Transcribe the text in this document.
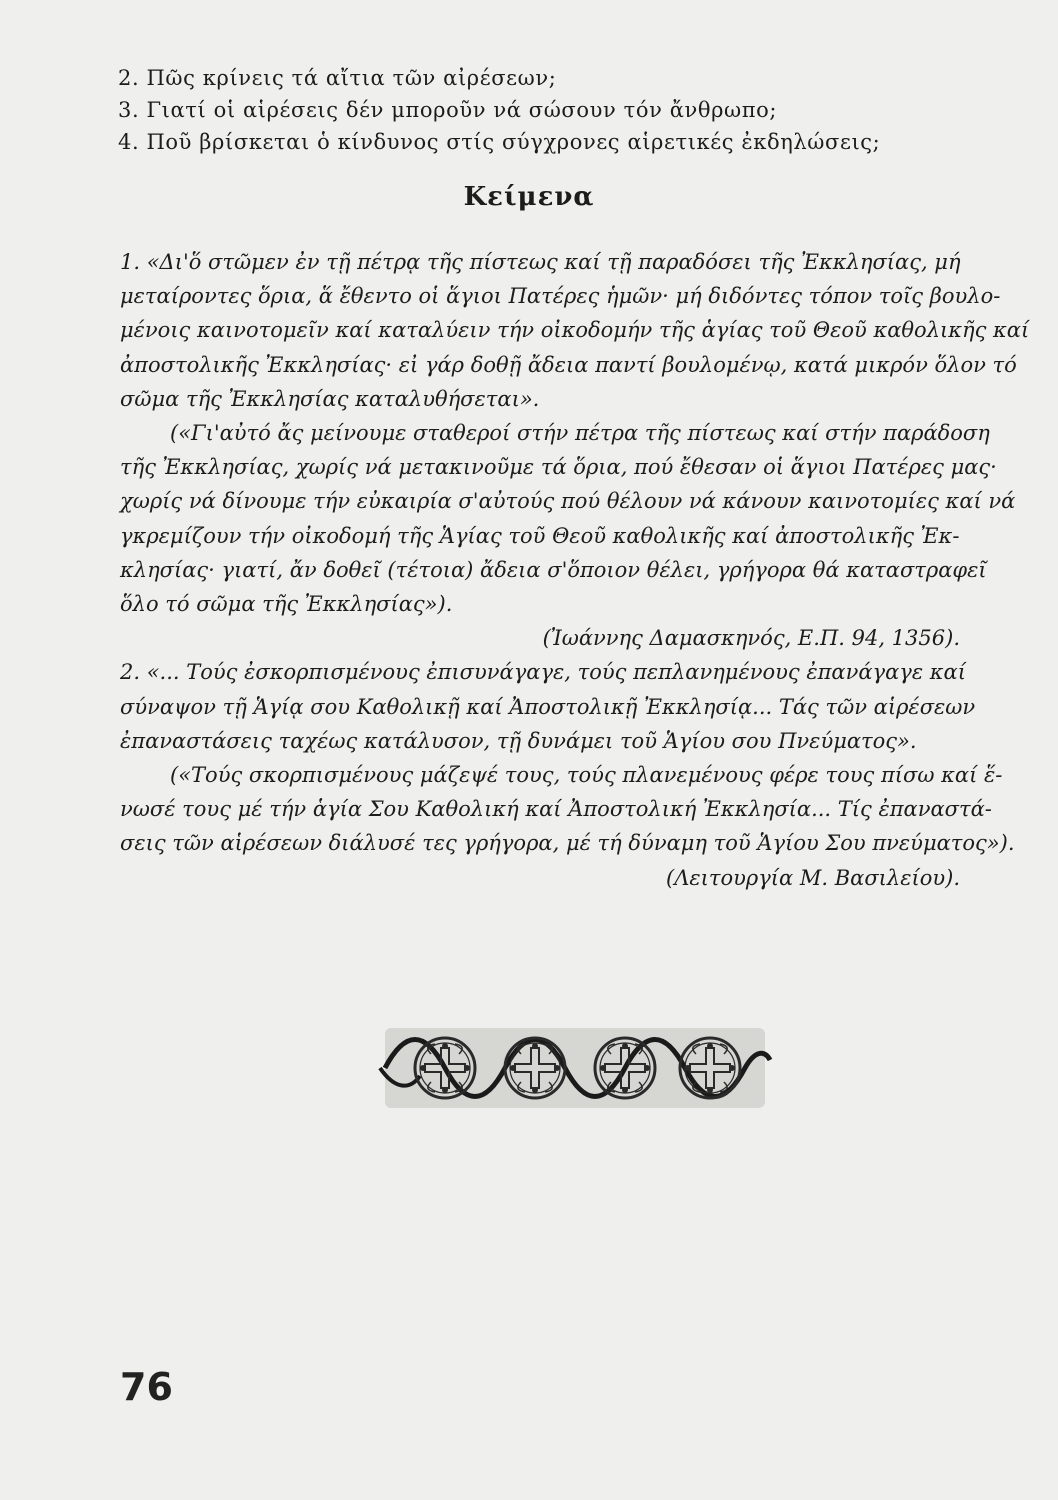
2. Πῶς κρίνεις τά αἴτια τῶν αἰρέσεων;
3. Γιατί οἱ αἱρέσεις δέν μποροῦν νά σώσουν τόν ἄνθρωπο;
4. Ποῦ βρίσκεται ὁ κίνδυνος στίς σύγχρονες αἱρετικές ἐκδηλώσεις;
Κείμενα

1. «Δι'ὅ στῶμεν ἐν τῇ πέτρᾳ τῆς πίστεως καί τῇ παραδόσει τῆς Ἐκκλησίας, μή
μεταίροντες ὅρια, ἅ ἔθεντο οἱ ἅγιοι Πατέρες ἡμῶν· μή διδόντες τόπον τοῖς βουλο-
μένοις καινοτομεῖν καί καταλύειν τήν οἰκοδομήν τῆς ἁγίας τοῦ Θεοῦ καθολικῆς καί
ἀποστολικῆς Ἐκκλησίας· εἰ γάρ δοθῇ ἄδεια παντί βουλομένῳ, κατά μικρόν ὅλον τό
σῶμα τῆς Ἐκκλησίας καταλυθήσεται».

(«Γι'αὐτό ἄς μείνουμε σταθεροί στήν πέτρα τῆς πίστεως καί στήν παράδοση
τῆς Ἐκκλησίας, χωρίς νά μετακινοῦμε τά ὅρια, πού ἔθεσαν οἱ ἅγιοι Πατέρες μας·
χωρίς νά δίνουμε τήν εὐκαιρία σ'αὐτούς πού θέλουν νά κάνουν καινοτομίες καί νά
γκρεμίζουν τήν οἰκοδομή τῆς Ἁγίας τοῦ Θεοῦ καθολικῆς καί ἀποστολικῆς Ἐκ-
κλησίας· γιατί, ἄν δοθεῖ (τέτοια) ἄδεια σ'ὅποιον θέλει, γρήγορα θά καταστραφεῖ
ὅλο τό σῶμα τῆς Ἐκκλησίας»).

(Ἰωάννης Δαμασκηνός, Ε.Π. 94, 1356).

2. «... Τούς ἐσκορπισμένους ἐπισυνάγαγε, τούς πεπλανημένους ἐπανάγαγε καί
σύναψον τῇ Ἁγίᾳ σου Καθολικῇ καί Ἀποστολικῇ Ἐκκλησίᾳ... Τάς τῶν αἱρέσεων
ἐπαναστάσεις ταχέως κατάλυσον, τῇ δυνάμει τοῦ Ἁγίου σου Πνεύματος».

(«Τούς σκορπισμένους μάζεψέ τους, τούς πλανεμένους φέρε τους πίσω καί ἕ-
νωσέ τους μέ τήν ἁγία Σου Καθολική καί Ἀποστολική Ἐκκλησία... Τίς ἐπαναστά-
σεις τῶν αἱρέσεων διάλυσέ τες γρήγορα, μέ τή δύναμη τοῦ Ἁγίου Σου πνεύματος»).

(Λειτουργία Μ. Βασιλείου).

76
